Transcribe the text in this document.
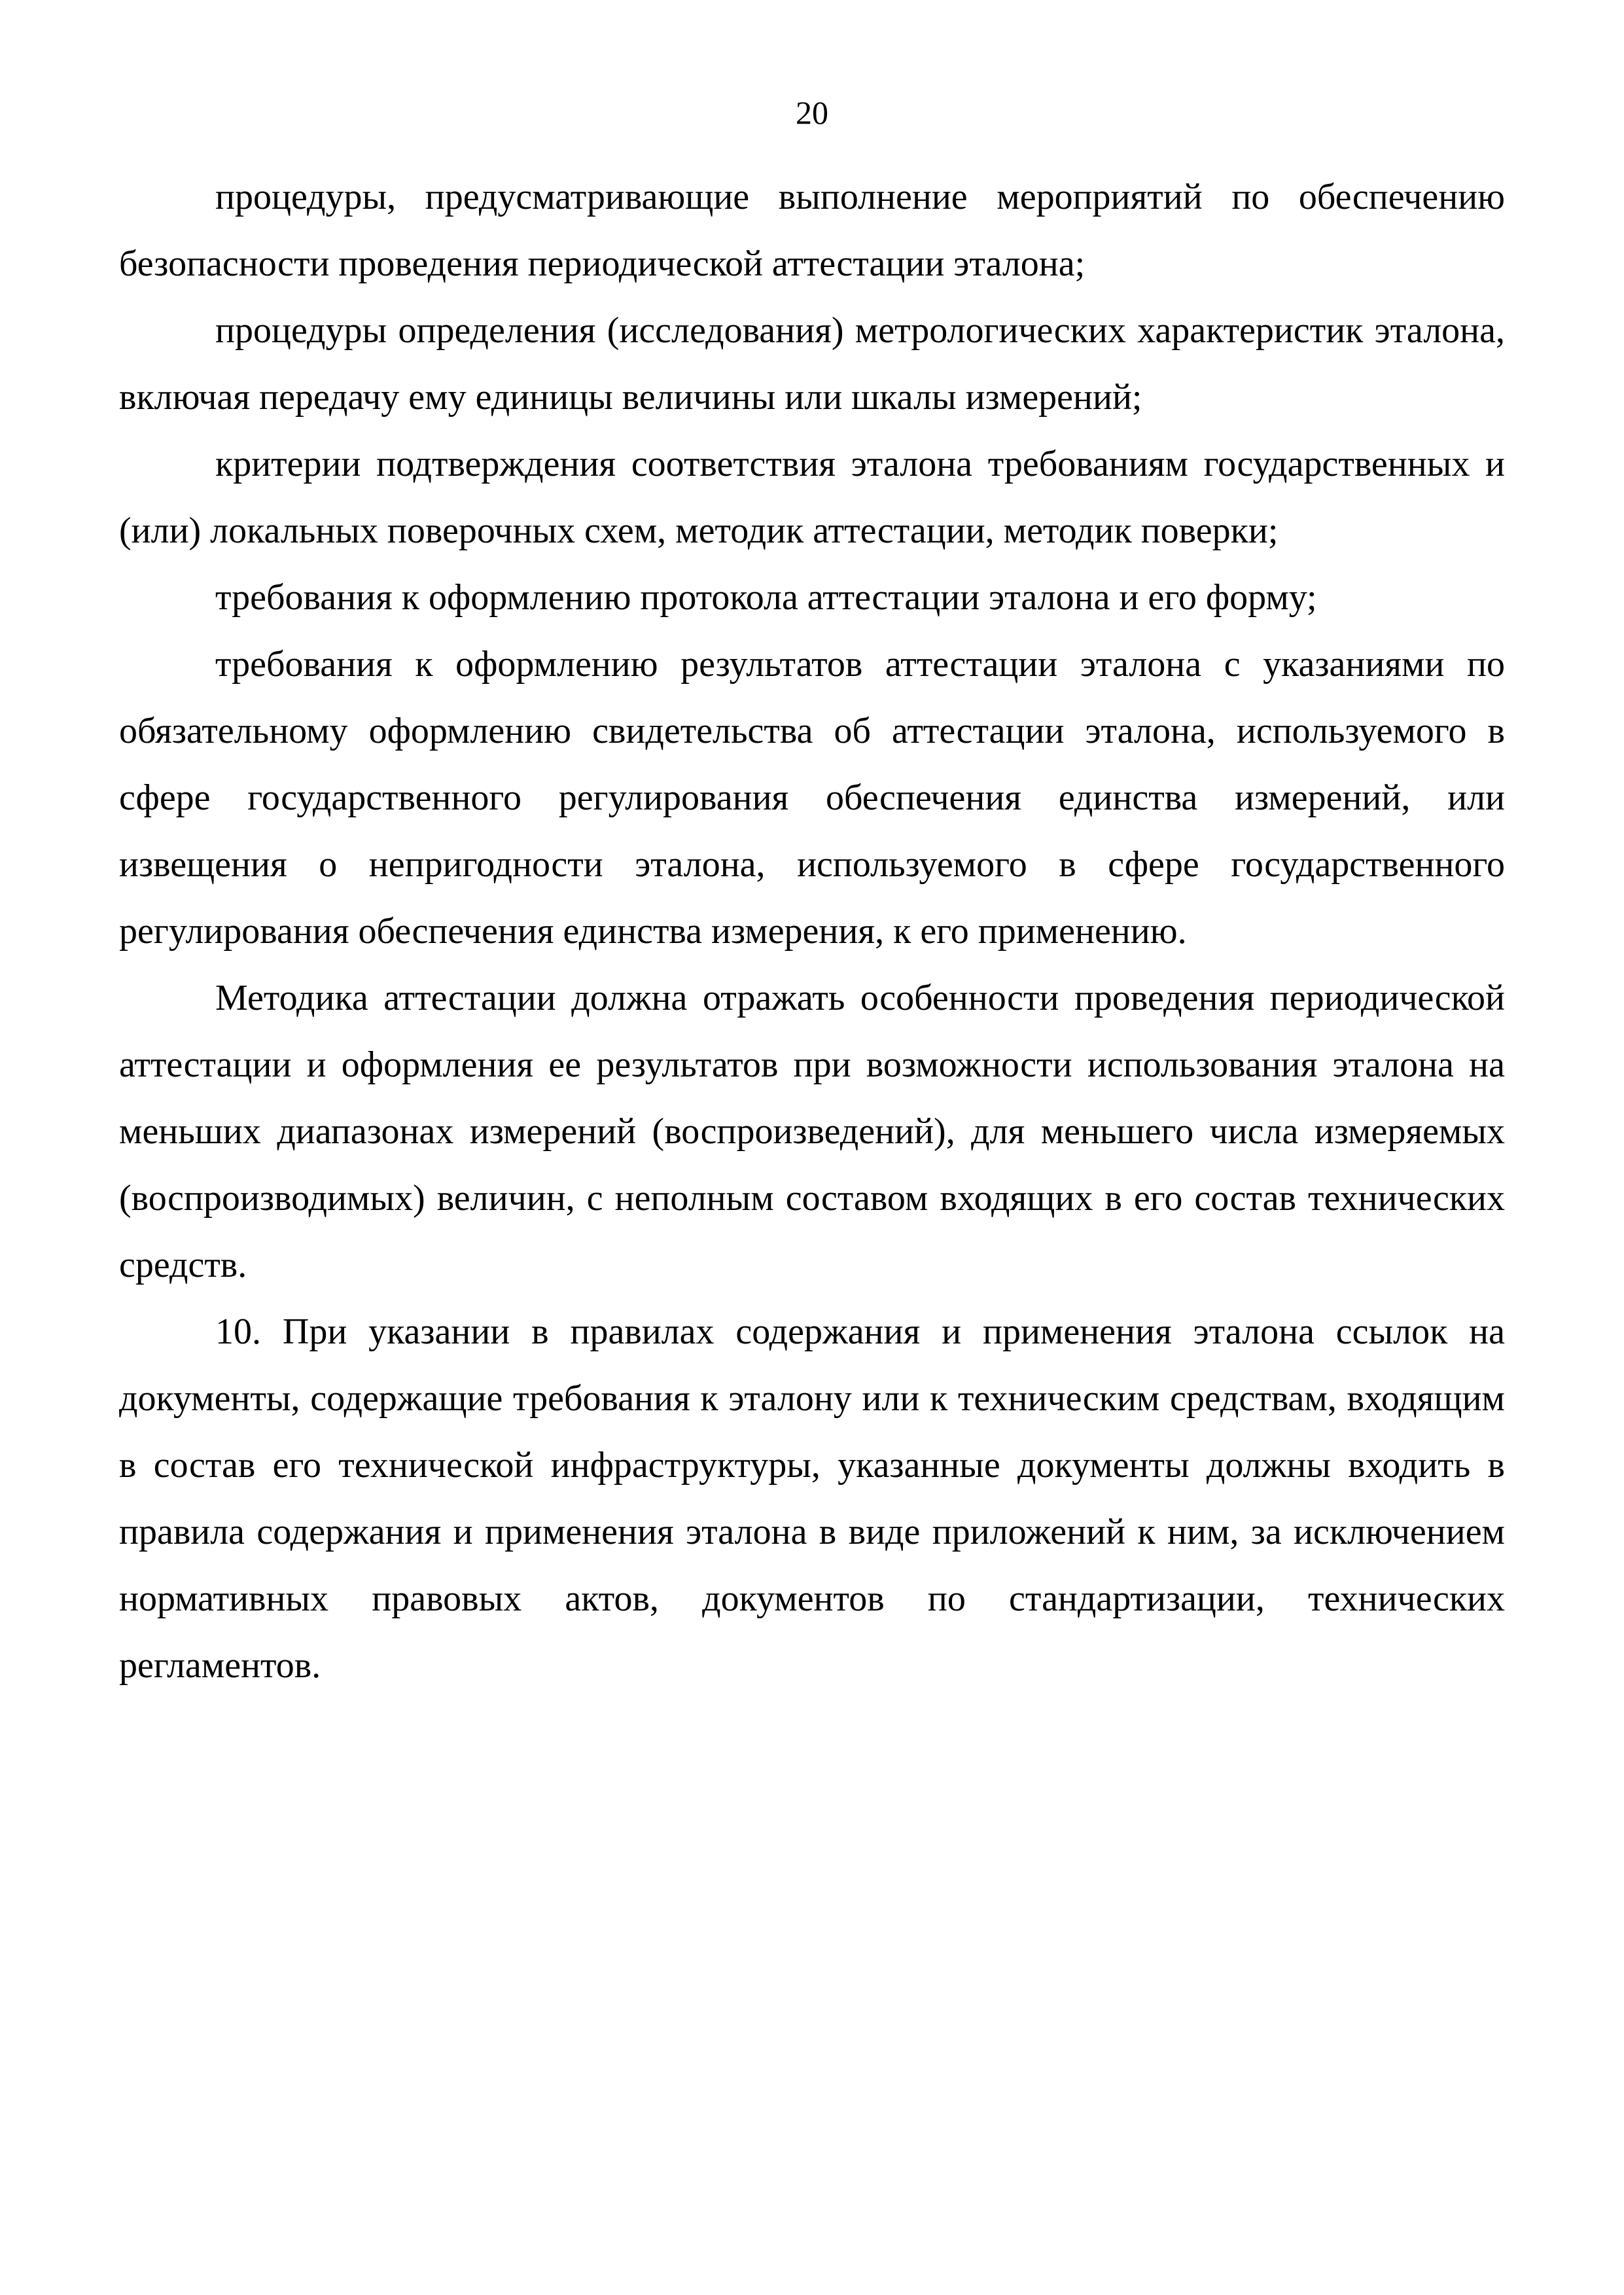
20

процедуры, предусматривающие выполнение мероприятий по обеспечению безопасности проведения периодической аттестации эталона;

процедуры определения (исследования) метрологических характеристик эталона, включая передачу ему единицы величины или шкалы измерений;

критерии подтверждения соответствия эталона требованиям государственных и (или) локальных поверочных схем, методик аттестации, методик поверки;

требования к оформлению протокола аттестации эталона и его форму;

требования к оформлению результатов аттестации эталона с указаниями по обязательному оформлению свидетельства об аттестации эталона, используемого в сфере государственного регулирования обеспечения единства измерений, или извещения о непригодности эталона, используемого в сфере государственного регулирования обеспечения единства измерения, к его применению.

Методика аттестации должна отражать особенности проведения периодической аттестации и оформления ее результатов при возможности использования эталона на меньших диапазонах измерений (воспроизведений), для меньшего числа измеряемых (воспроизводимых) величин, с неполным составом входящих в его состав технических средств.

10. При указании в правилах содержания и применения эталона ссылок на документы, содержащие требования к эталону или к техническим средствам, входящим в состав его технической инфраструктуры, указанные документы должны входить в правила содержания и применения эталона в виде приложений к ним, за исключением нормативных правовых актов, документов по стандартизации, технических регламентов.
